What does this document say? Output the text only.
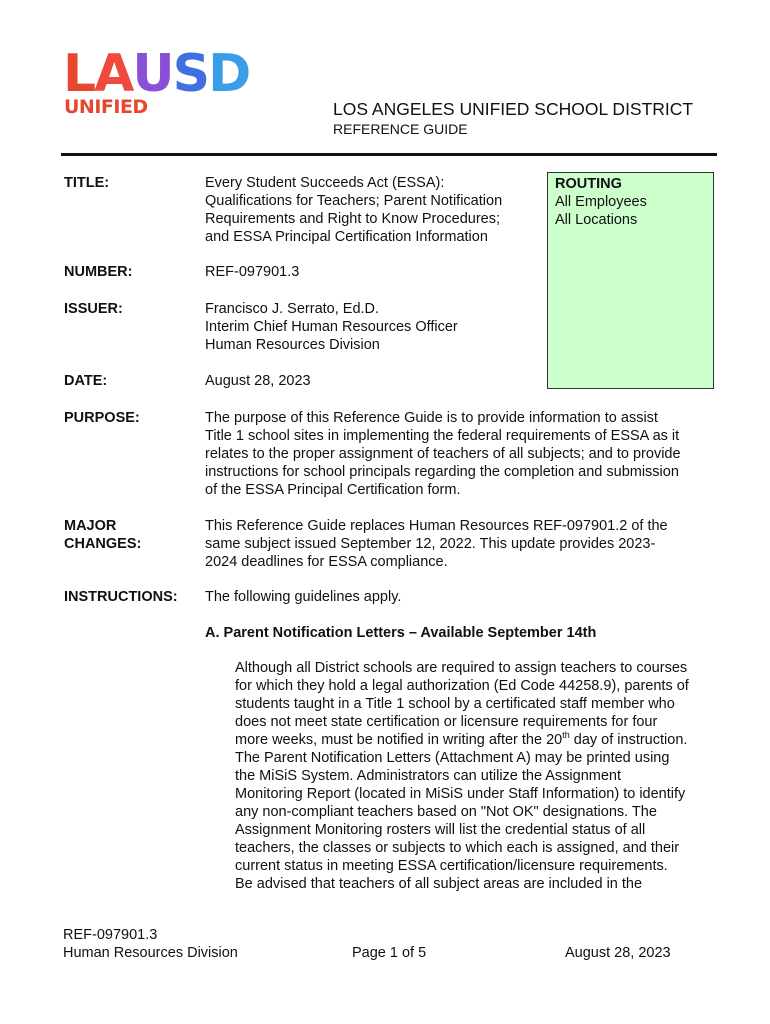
LAUSD
UNIFIED	LOS ANGELES UNIFIED SCHOOL DISTRICT
REFERENCE GUIDE
ROUTING
All Employees
All Locations
TITLE:	Every Student Succeeds Act (ESSA):
Qualifications for Teachers; Parent Notification
Requirements and Right to Know Procedures;
and ESSA Principal Certification Information
NUMBER:	REF-097901.3
ISSUER:	Francisco J. Serrato, Ed.D.
Interim Chief Human Resources Officer
Human Resources Division
DATE:	August 28, 2023
PURPOSE:	The purpose of this Reference Guide is to provide information to assist
Title 1 school sites in implementing the federal requirements of ESSA as it
relates to the proper assignment of teachers of all subjects; and to provide
instructions for school principals regarding the completion and submission
of the ESSA Principal Certification form.
MAJOR
CHANGES:
This Reference Guide replaces Human Resources REF-097901.2 of the
same subject issued September 12, 2022. This update provides 2023-
2024 deadlines for ESSA compliance.
INSTRUCTIONS: The following guidelines apply.
A. Parent Notification Letters – Available September 14th
Although all District schools are required to assign teachers to courses
for which they hold a legal authorization (Ed Code 44258.9), parents of
students taught in a Title 1 school by a certificated staff member who
does not meet state certification or licensure requirements for four
more weeks, must be notified in writing after the 20th day of instruction.
The Parent Notification Letters (Attachment A) may be printed using
the MiSiS System. Administrators can utilize the Assignment
Monitoring Report (located in MiSiS under Staff Information) to identify
any non-compliant teachers based on "Not OK" designations. The
Assignment Monitoring rosters will list the credential status of all
teachers, the classes or subjects to which each is assigned, and their
current status in meeting ESSA certification/licensure requirements.
Be advised that teachers of all subject areas are included in the
REF-097901.3
Human Resources Division	Page 1 of 5	August 28, 2023
